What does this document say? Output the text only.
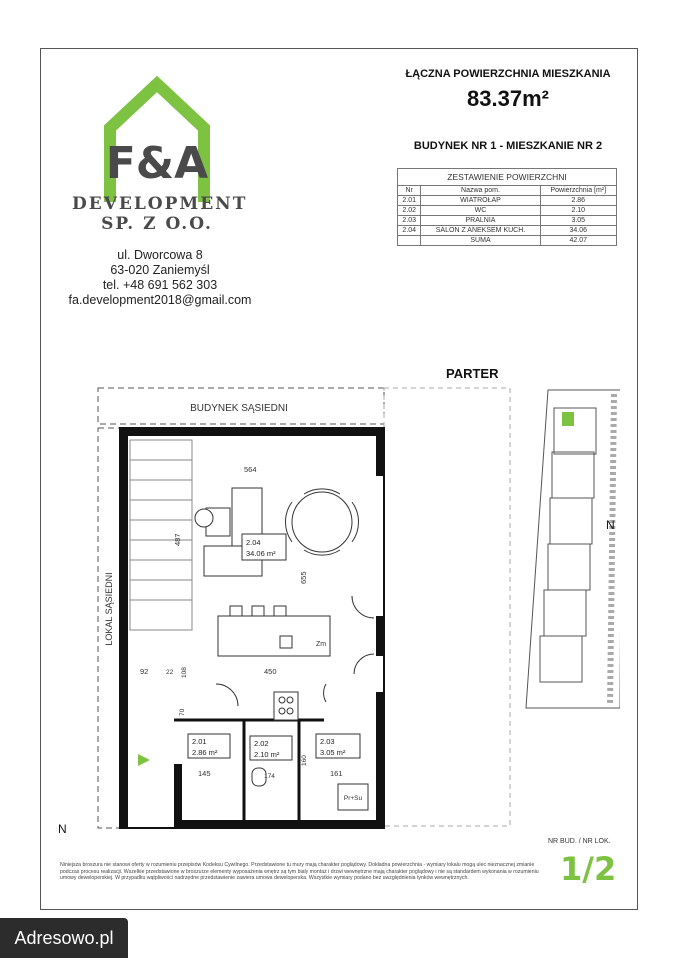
F&A
DEVELOPMENT
SP. Z O.O.
ul. Dworcowa 8
63-020 Zaniemyśl
tel. +48 691 562 303
fa.development2018@gmail.com
ŁĄCZNA POWIERZCHNIA MIESZKANIA
83.37m²
BUDYNEK NR 1 - MIESZKANIE NR 2
ZESTAWIENIE POWIERZCHNI		
Nr	Nazwa pom.	Powierzchnia [m²]
2.01	WIATROŁAP	2.86
2.02	WC	2.10
2.03	PRALNIA	3.05
2.04	SALON Z ANEKSEM KUCH.	34.06
	SUMA	42.07
PARTER
BUDYNEK SĄSIEDNI
LOKAL SĄSIEDNI	Zm
Pr+Su
564
487
655
450
92	22 108
70
145	161
174
160
2.04
34.06 m²
2.01
2.86 m²
2.02
2.10 m²
2.03
3.05 m²
N
N
NR BUD. / NR LOK.
1/2
Niniejsza broszura nie stanowi oferty w rozumieniu przepisów Kodeksu Cywilnego. Przedstawione tu mury mają charakter poglądowy. Dokładna powierzchnia - wymiary lokalu mogą ulec nieznacznej zmianie podczas procesu realizacji. Wszelkie przedstawione w broszurze elementy wyposażenia wnętrz są tym bialy montaż i drzwi wewnętrzne mają charakter poglądowy i nie są standardem wykonania w rozumieniu umowy deweloperskiej. W przypadku wątpliwości nadrzędne przedstawienie zawiera umowa deweloperska. Wszystkie wymiary podano bez uwzględnienia tynków wewnętrznych.
Adresowo.pl
